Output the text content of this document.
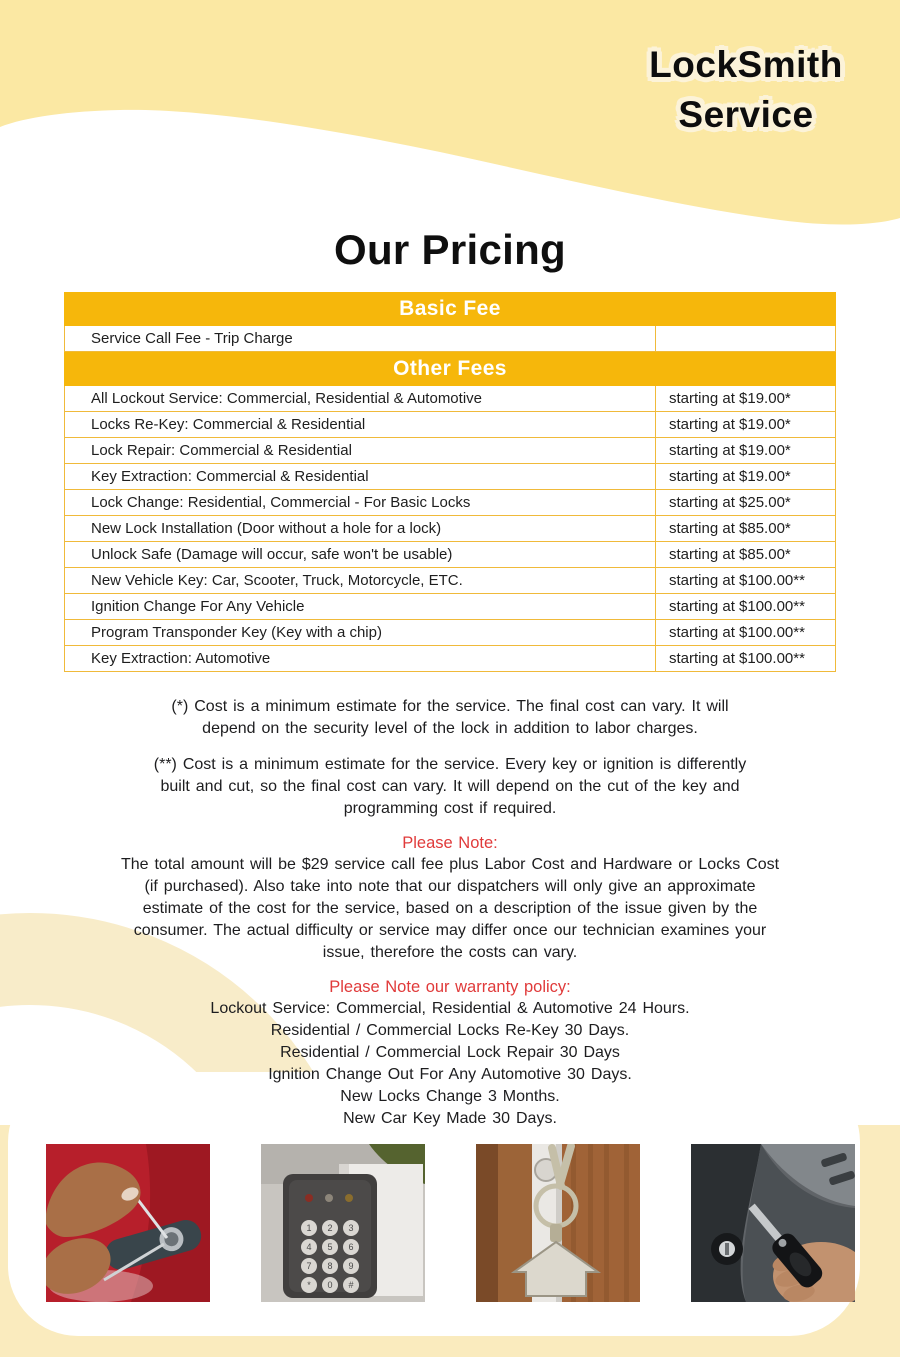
LockSmith
Service
Our Pricing
Basic Fee
Service Call Fee - Trip Charge
Other Fees
All Lockout Service: Commercial, Residential & Automotive	starting at $19.00*
Locks Re-Key: Commercial & Residential	starting at $19.00*
Lock Repair: Commercial & Residential	starting at $19.00*
Key Extraction: Commercial & Residential	starting at $19.00*
Lock Change: Residential, Commercial - For Basic Locks	starting at $25.00*
New Lock Installation (Door without a hole for a lock)	starting at $85.00*
Unlock Safe (Damage will occur, safe won't be usable)	starting at $85.00*
New Vehicle Key: Car, Scooter, Truck, Motorcycle, ETC.	starting at $100.00**
Ignition Change For Any Vehicle	starting at $100.00**
Program Transponder Key (Key with a chip)	starting at $100.00**
Key Extraction: Automotive	starting at $100.00**
(*) Cost is a minimum estimate for the service. The final cost can vary. It will
depend on the security level of the lock in addition to labor charges.
(**) Cost is a minimum estimate for the service. Every key or ignition is differently
built and cut, so the final cost can vary. It will depend on the cut of the key and
programming cost if required.
Please Note:
The total amount will be $29 service call fee plus Labor Cost and Hardware or Locks Cost
(if purchased). Also take into note that our dispatchers will only give an approximate
estimate of the cost for the service, based on a description of the issue given by the
consumer. The actual difficulty or service may differ once our technician examines your
issue, therefore the costs can vary.
Please Note our warranty policy:
Lockout Service: Commercial, Residential & Automotive 24 Hours.
Residential / Commercial Locks Re-Key 30 Days.
Residential / Commercial Lock Repair 30 Days
Ignition Change Out For Any Automotive 30 Days.
New Locks Change 3 Months.
New Car Key Made 30 Days.
1 2 3
4 5 6
7 8 9
* 0 #
